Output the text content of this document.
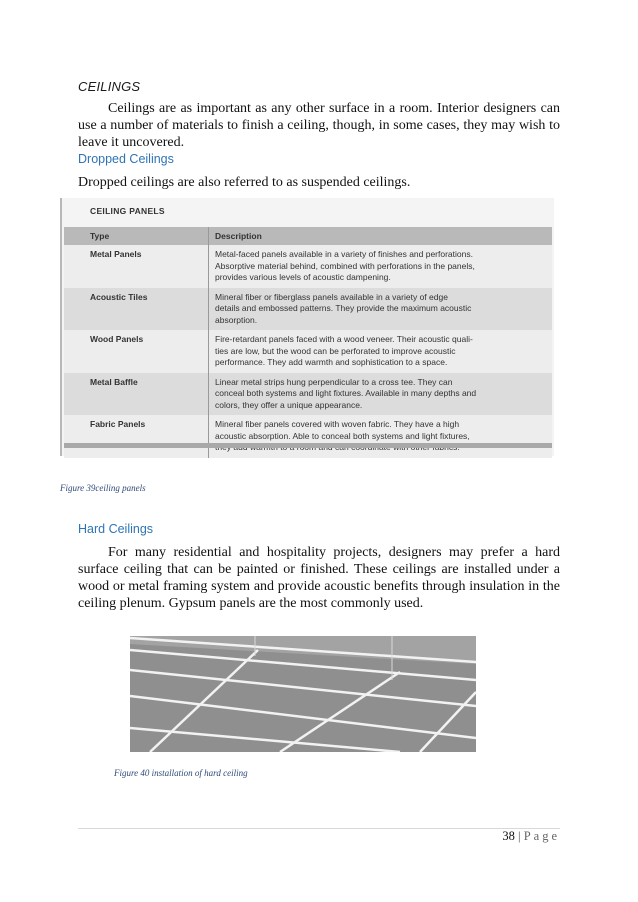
CEILINGS
Ceilings are as important as any other surface in a room. Interior designers can use a number of materials to finish a ceiling, though, in some cases, they may wish to leave it uncovered.
Dropped Ceilings
Dropped ceilings are also referred to as suspended ceilings.
CEILING PANELS
Type	Description
Metal Panels	Metal-faced panels available in a variety of finishes and perforations.
Absorptive material behind, combined with perforations in the panels,
provides various levels of acoustic dampening.

Acoustic Tiles	Mineral fiber or fiberglass panels available in a variety of edge
details and embossed patterns. They provide the maximum acoustic
absorption.

Wood Panels	Fire-retardant panels faced with a wood veneer. Their acoustic quali-
ties are low, but the wood can be perforated to improve acoustic
performance. They add warmth and sophistication to a space.

Metal Baffle	Linear metal strips hung perpendicular to a cross tee. They can
conceal both systems and light fixtures. Available in many depths and
colors, they offer a unique appearance.

Fabric Panels	Mineral fiber panels covered with woven fabric. They have a high
acoustic absorption. Able to conceal both systems and light fixtures,
Figure 39ceiling panels
Hard Ceilings
For many residential and hospitality projects, designers may prefer a hard surface ceiling that can be painted or finished. These ceilings are installed under a wood or metal framing system and provide acoustic benefits through insulation in the ceiling plenum. Gypsum panels are the most commonly used.
Figure 40 installation of hard ceiling
38 | Page
